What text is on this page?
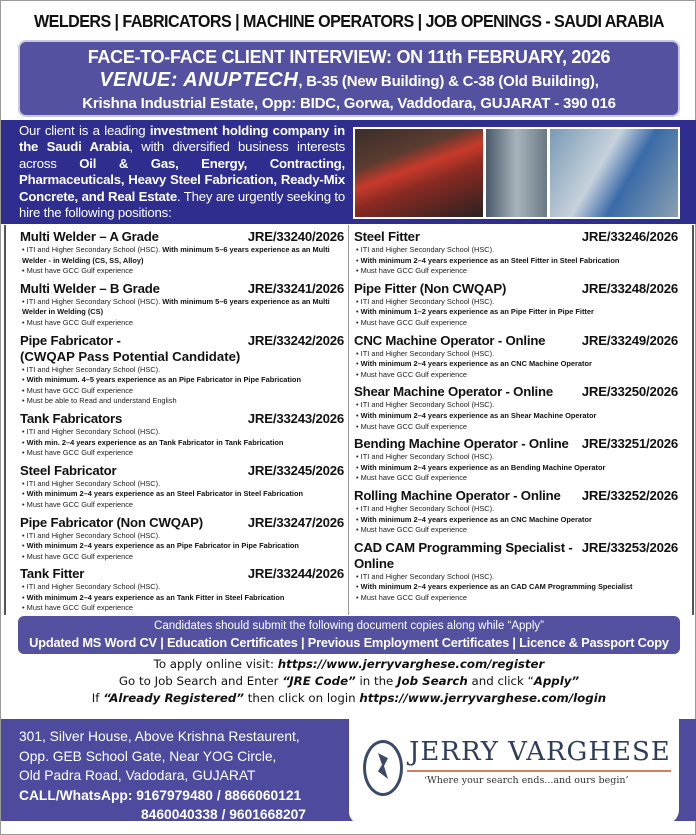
WELDERS | FABRICATORS | MACHINE OPERATORS | JOB OPENINGS - SAUDI ARABIA
FACE-TO-FACE CLIENT INTERVIEW: ON 11th FEBRUARY, 2026
VENUE: ANUPTECH, B-35 (New Building) & C-38 (Old Building),
Krishna Industrial Estate, Opp: BIDC, Gorwa, Vaddodara, GUJARAT - 390 016

Our client is a leading investment holding company in the Saudi Arabia, with diversified business interests across Oil & Gas, Energy, Contracting, Pharmaceuticals, Heavy Steel Fabrication, Ready-Mix Concrete, and Real Estate. They are urgently seeking to hire the following positions:

Multi Welder – A Grade	JRE/33240/2026
• ITI and Higher Secondary School (HSC). With minimum 5–6 years experience as an Multi Welder - in Welding (CS, SS, Alloy)
• Must have GCC Gulf experience
Multi Welder – B Grade	JRE/33241/2026
• ITI and Higher Secondary School (HSC). With minimum 5–6 years experience as an Multi Welder in Welding (CS)
• Must have GCC Gulf experience
Pipe Fabricator -	JRE/33242/2026
(CWQAP Pass Potential Candidate)
• ITI and Higher Secondary School (HSC).
• With minimum. 4–5 years experience as an Pipe Fabricator in Pipe Fabrication
• Must have GCC Gulf experience
• Must be able to Read and understand English
Tank Fabricators	JRE/33243/2026
• ITI and Higher Secondary School (HSC).
• With min. 2–4 years experience as an Tank Fabricator in Tank Fabrication
• Must have GCC Gulf experience
Steel Fabricator	JRE/33245/2026
• ITI and Higher Secondary School (HSC).
• With minimum 2–4 years experience as an Steel Fabricator in Steel Fabrication
• Must have GCC Gulf experience
Pipe Fabricator (Non CWQAP)	JRE/33247/2026
• ITI and Higher Secondary School (HSC).
• With minimum 2–4 years experience as an Pipe Fabricator in Pipe Fabrication
• Must have GCC Gulf experience
Tank Fitter	JRE/33244/2026
• ITI and Higher Secondary School (HSC).
• With minimum 2–4 years experience as an Tank Fitter in Steel Fabrication
• Must have GCC Gulf experience
Steel Fitter	JRE/33246/2026
• ITI and Higher Secondary School (HSC).
• With minimum 2–4 years experience as an Steel Fitter in Steel Fabrication
• Must have GCC Gulf experience
Pipe Fitter (Non CWQAP)	JRE/33248/2026
• ITI and Higher Secondary School (HSC).
• With minimum 1–2 years experience as an Pipe Fitter in Pipe Fitter
• Must have GCC Gulf experience
CNC Machine Operator - Online	JRE/33249/2026
• ITI and Higher Secondary School (HSC).
• With minimum 2–4 years experience as an CNC Machine Operator
• Must have GCC Gulf experience
Shear Machine Operator - Online JRE/33250/2026
• ITI and Higher Secondary School (HSC).
• With minimum 2–4 years experience as an Shear Machine Operator
• Must have GCC Gulf experience
Bending Machine Operator - Online JRE/33251/2026
• ITI and Higher Secondary School (HSC).
• With minimum 2–4 years experience as an Bending Machine Operator
• Must have GCC Gulf experience
Rolling Machine Operator - Online JRE/33252/2026
• ITI and Higher Secondary School (HSC).
• With minimum 2–4 years experience as an CNC Machine Operator
• Must have GCC Gulf experience
CAD CAM Programming Specialist - Online
JRE/33253/2026
• ITI and Higher Secondary School (HSC).
• With minimum 2–4 years experience as an CAD CAM Programming Specialist
• Must have GCC Gulf experience
Candidates should submit the following document copies along while “Apply”
Updated MS Word CV | Education Certificates | Previous Employment Certificates | Licence & Passport Copy
To apply online visit: https://www.jerryvarghese.com/register
Go to Job Search and Enter “JRE Code” in the Job Search and click “Apply”
If “Already Registered” then click on login https://www.jerryvarghese.com/login
301, Silver House, Above Krishna Restaurent,
Opp. GEB School Gate, Near YOG Circle,
Old Padra Road, Vadodara, GUJARAT
CALL/WhatsApp: 9167979480 / 8866060121
8460040338 / 9601668207
JERRY VARGHESE
‘Where your search ends...and ours begin’
